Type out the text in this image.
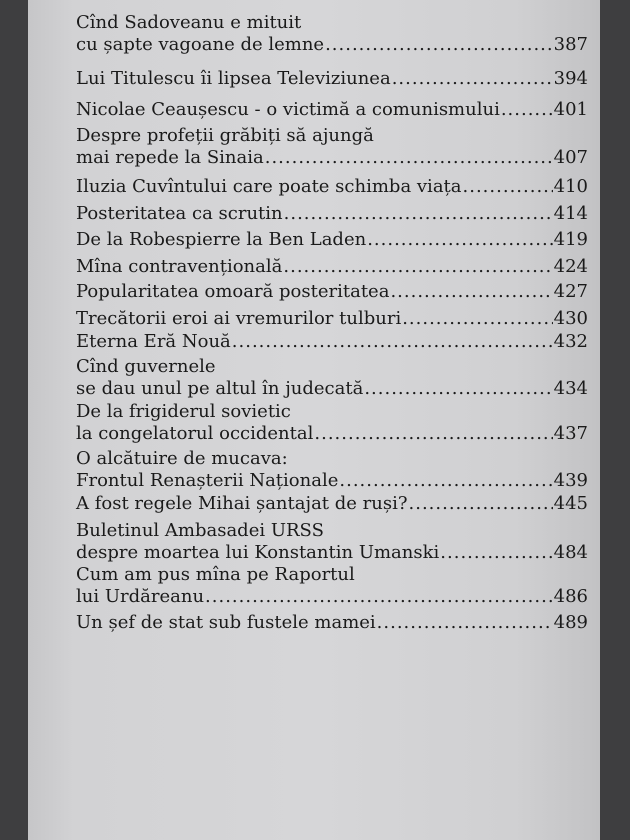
Cînd Sadoveanu e mituit
cu șapte vagoane de lemne .....	387
Lui Titulescu îi lipsea Televiziunea .....	394
Nicolae Ceaușescu - o victimă a comunismului .....	401
Despre profeții grăbiți să ajungă
mai repede la Sinaia .....	407
Iluzia Cuvîntului care poate schimba viața .....	410
Posteritatea ca scrutin .....	414
De la Robespierre la Ben Laden .....	419
Mîna contravențională .....	424
Popularitatea omoară posteritatea .....	427
Trecătorii eroi ai vremurilor tulburi .....	430
Eterna Eră Nouă .....	432
Cînd guvernele
se dau unul pe altul în judecată .....	434
De la frigiderul sovietic
la congelatorul occidental .....	437
O alcătuire de mucava:
Frontul Renașterii Naționale .....	439
A fost regele Mihai șantajat de ruși? .....	445
Buletinul Ambasadei URSS
despre moartea lui Konstantin Umanski .....	484
Cum am pus mîna pe Raportul
lui Urdăreanu .....	486
Un șef de stat sub fustele mamei .....	489
